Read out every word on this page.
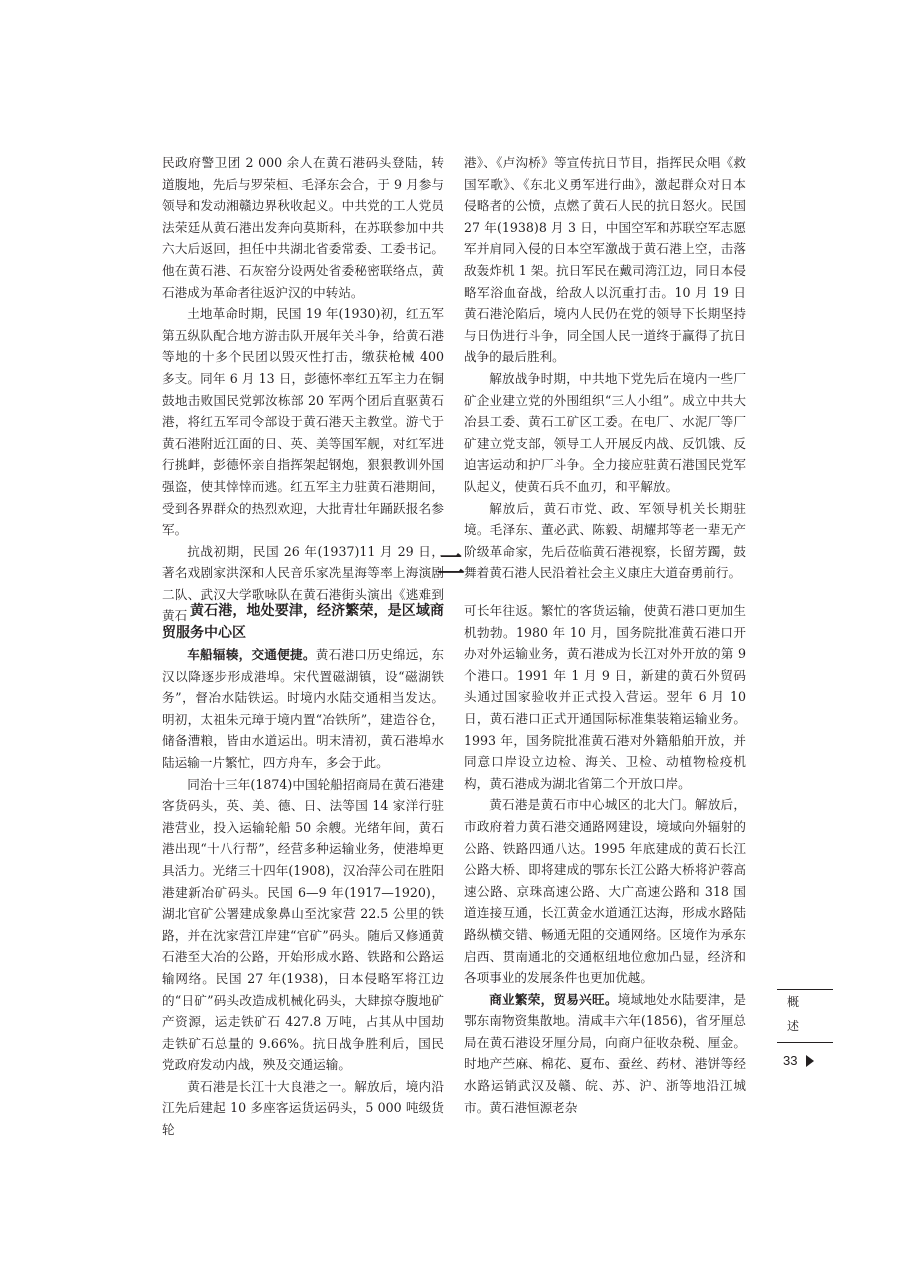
民政府警卫团 2 000 余人在黄石港码头登陆，转道腹地，先后与罗荣桓、毛泽东会合，于 9 月参与领导和发动湘赣边界秋收起义。中共党的工人党员法荣廷从黄石港出发奔向莫斯科，在苏联参加中共六大后返回，担任中共湖北省委常委、工委书记。他在黄石港、石灰窑分设两处省委秘密联络点，黄石港成为革命者往返沪汉的中转站。

土地革命时期，民国 19 年(1930)初，红五军第五纵队配合地方游击队开展年关斗争，给黄石港等地的十多个民团以毁灭性打击，缴获枪械 400 多支。同年 6 月 13 日，彭德怀率红五军主力在铜鼓地击败国民党郭汝栋部 20 军两个团后直驱黄石港，将红五军司令部设于黄石港天主教堂。游弋于黄石港附近江面的日、英、美等国军舰，对红军进行挑衅，彭德怀亲自指挥架起钢炮，狠狠教训外国强盗，使其悻悻而逃。红五军主力驻黄石港期间，受到各界群众的热烈欢迎，大批青壮年踊跃报名参军。

抗战初期，民国 26 年(1937)11 月 29 日，著名戏剧家洪深和人民音乐家冼星海等率上海演剧二队、武汉大学歌咏队在黄石港街头演出《逃难到黄石

港》、《卢沟桥》等宣传抗日节目，指挥民众唱《救国军歌》、《东北义勇军进行曲》，激起群众对日本侵略者的公愤，点燃了黄石人民的抗日怒火。民国 27 年(1938)8 月 3 日，中国空军和苏联空军志愿军并肩同入侵的日本空军激战于黄石港上空，击落敌轰炸机 1 架。抗日军民在戴司湾江边，同日本侵略军浴血奋战，给敌人以沉重打击。10 月 19 日黄石港沦陷后，境内人民仍在党的领导下长期坚持与日伪进行斗争，同全国人民一道终于赢得了抗日战争的最后胜利。

解放战争时期，中共地下党先后在境内一些厂矿企业建立党的外围组织“三人小组”。成立中共大冶县工委、黄石工矿区工委。在电厂、水泥厂等厂矿建立党支部，领导工人开展反内战、反饥饿、反迫害运动和护厂斗争。全力接应驻黄石港国民党军队起义，使黄石兵不血刃，和平解放。

解放后，黄石市党、政、军领导机关长期驻境。毛泽东、董必武、陈毅、胡耀邦等老一辈无产阶级革命家，先后莅临黄石港视察，长留芳躅，鼓舞着黄石港人民沿着社会主义康庄大道奋勇前行。

二

黄石港，地处要津，经济繁荣，是区域商贸服务中心区

车船辐辏，交通便捷。黄石港口历史绵远，东汉以降逐步形成港埠。宋代置磁湖镇，设“磁湖铁务”，督冶水陆铁运。时境内水陆交通相当发达。明初，太祖朱元璋于境内置“冶铁所”，建造谷仓，储备漕粮，皆由水道运出。明末清初，黄石港埠水陆运输一片繁忙，四方舟车，多会于此。

同治十三年(1874)中国轮船招商局在黄石港建客货码头，英、美、德、日、法等国 14 家洋行驻港营业，投入运输轮船 50 余艘。光绪年间，黄石港出现“十八行帮”，经营多种运输业务，使港埠更具活力。光绪三十四年(1908)，汉冶萍公司在胜阳港建新冶矿码头。民国 6—9 年(1917—1920)，湖北官矿公署建成象鼻山至沈家营 22.5 公里的铁路，并在沈家营江岸建“官矿”码头。随后又修通黄石港至大冶的公路，开始形成水路、铁路和公路运输网络。民国 27 年(1938)，日本侵略军将江边的“日矿”码头改造成机械化码头，大肆掠夺腹地矿产资源，运走铁矿石 427.8 万吨，占其从中国劫走铁矿石总量的 9.66%。抗日战争胜利后，国民党政府发动内战，殃及交通运输。

黄石港是长江十大良港之一。解放后，境内沿江先后建起 10 多座客运货运码头，5 000 吨级货轮

可长年往返。繁忙的客货运输，使黄石港口更加生机勃勃。1980 年 10 月，国务院批准黄石港口开办对外运输业务，黄石港成为长江对外开放的第 9 个港口。1991 年 1 月 9 日，新建的黄石外贸码头通过国家验收并正式投入营运。翌年 6 月 10 日，黄石港口正式开通国际标准集装箱运输业务。1993 年，国务院批准黄石港对外籍船舶开放，并同意口岸设立边检、海关、卫检、动植物检疫机构，黄石港成为湖北省第二个开放口岸。

黄石港是黄石市中心城区的北大门。解放后，市政府着力黄石港交通路网建设，境域向外辐射的公路、铁路四通八达。1995 年底建成的黄石长江公路大桥、即将建成的鄂东长江公路大桥将沪蓉高速公路、京珠高速公路、大广高速公路和 318 国道连接互通，长江黄金水道通江达海，形成水路陆路纵横交错、畅通无阻的交通网络。区境作为承东启西、贯南通北的交通枢纽地位愈加凸显，经济和各项事业的发展条件也更加优越。

商业繁荣，贸易兴旺。境域地处水陆要津，是鄂东南物资集散地。清咸丰六年(1856)，省牙厘总局在黄石港设牙厘分局，向商户征收杂税、厘金。时地产苎麻、棉花、夏布、蚕丝、药材、港饼等经水路运销武汉及赣、皖、苏、沪、浙等地沿江城市。黄石港恒源老杂

概
述
33
